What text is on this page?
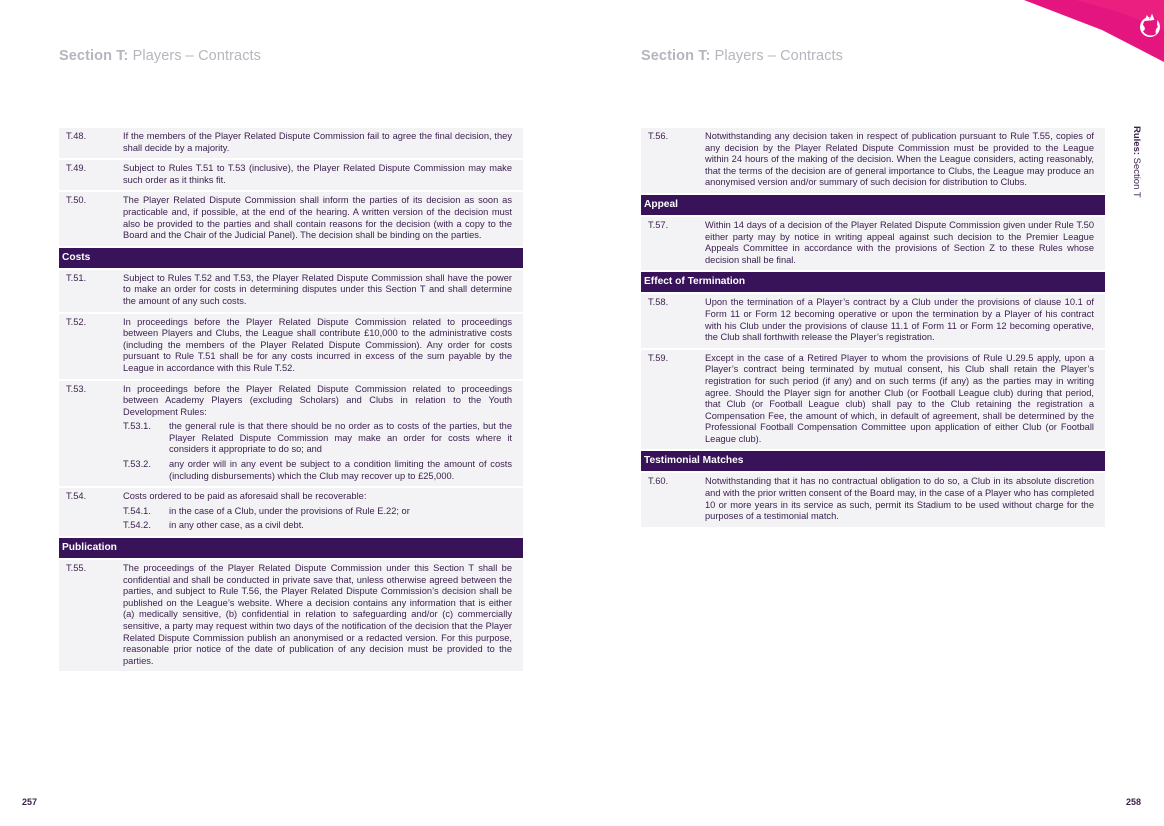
Section T: Players – Contracts	Section T: Players – Contracts
Rules: Section T
T.48.	If the members of the Player Related Dispute Commission fail to agree the final decision, they shall decide by a majority.
T.49.	Subject to Rules T.51 to T.53 (inclusive), the Player Related Dispute Commission may make such order as it thinks fit.
T.50.	The Player Related Dispute Commission shall inform the parties of its decision as soon as practicable and, if possible, at the end of the hearing. A written version of the decision must also be provided to the parties and shall contain reasons for the decision (with a copy to the Board and the Chair of the Judicial Panel). The decision shall be binding on the parties.
Costs
T.51.	Subject to Rules T.52 and T.53, the Player Related Dispute Commission shall have the power to make an order for costs in determining disputes under this Section T and shall determine the amount of any such costs.
T.52.	In proceedings before the Player Related Dispute Commission related to proceedings between Players and Clubs, the League shall contribute £10,000 to the administrative costs (including the members of the Player Related Dispute Commission). Any order for costs pursuant to Rule T.51 shall be for any costs incurred in excess of the sum payable by the League in accordance with this Rule T.52.
T.53.	In proceedings before the Player Related Dispute Commission related to proceedings between Academy Players (excluding Scholars) and Clubs in relation to the Youth Development Rules:
T.53.1.	the general rule is that there should be no order as to costs of the parties, but the Player Related Dispute Commission may make an order for costs where it considers it appropriate to do so; and
T.53.2.	any order will in any event be subject to a condition limiting the amount of costs (including disbursements) which the Club may recover up to £25,000.
T.54.	Costs ordered to be paid as aforesaid shall be recoverable:
T.54.1.	in the case of a Club, under the provisions of Rule E.22; or
T.54.2.	in any other case, as a civil debt.
Publication
T.55.	The proceedings of the Player Related Dispute Commission under this Section T shall be confidential and shall be conducted in private save that, unless otherwise agreed between the parties, and subject to Rule T.56, the Player Related Dispute Commission’s decision shall be published on the League’s website. Where a decision contains any information that is either (a) medically sensitive, (b) confidential in relation to safeguarding and/or (c) commercially sensitive, a party may request within two days of the notification of the decision that the Player Related Dispute Commission publish an anonymised or a redacted version. For this purpose, reasonable prior notice of the date of publication of any decision must be provided to the parties.
T.56.	Notwithstanding any decision taken in respect of publication pursuant to Rule T.55, copies of any decision by the Player Related Dispute Commission must be provided to the League within 24 hours of the making of the decision. When the League considers, acting reasonably, that the terms of the decision are of general importance to Clubs, the League may produce an anonymised version and/or summary of such decision for distribution to Clubs.
Appeal
T.57.	Within 14 days of a decision of the Player Related Dispute Commission given under Rule T.50 either party may by notice in writing appeal against such decision to the Premier League Appeals Committee in accordance with the provisions of Section Z to these Rules whose decision shall be final.
Effect of Termination
T.58.	Upon the termination of a Player’s contract by a Club under the provisions of clause 10.1 of Form 11 or Form 12 becoming operative or upon the termination by a Player of his contract with his Club under the provisions of clause 11.1 of Form 11 or Form 12 becoming operative, the Club shall forthwith release the Player’s registration.
T.59.	Except in the case of a Retired Player to whom the provisions of Rule U.29.5 apply, upon a Player’s contract being terminated by mutual consent, his Club shall retain the Player’s registration for such period (if any) and on such terms (if any) as the parties may in writing agree. Should the Player sign for another Club (or Football League club) during that period, that Club (or Football League club) shall pay to the Club retaining the registration a Compensation Fee, the amount of which, in default of agreement, shall be determined by the Professional Football Compensation Committee upon application of either Club (or Football League club).
Testimonial Matches
T.60.	Notwithstanding that it has no contractual obligation to do so, a Club in its absolute discretion and with the prior written consent of the Board may, in the case of a Player who has completed 10 or more years in its service as such, permit its Stadium to be used without charge for the purposes of a testimonial match.
257	258
